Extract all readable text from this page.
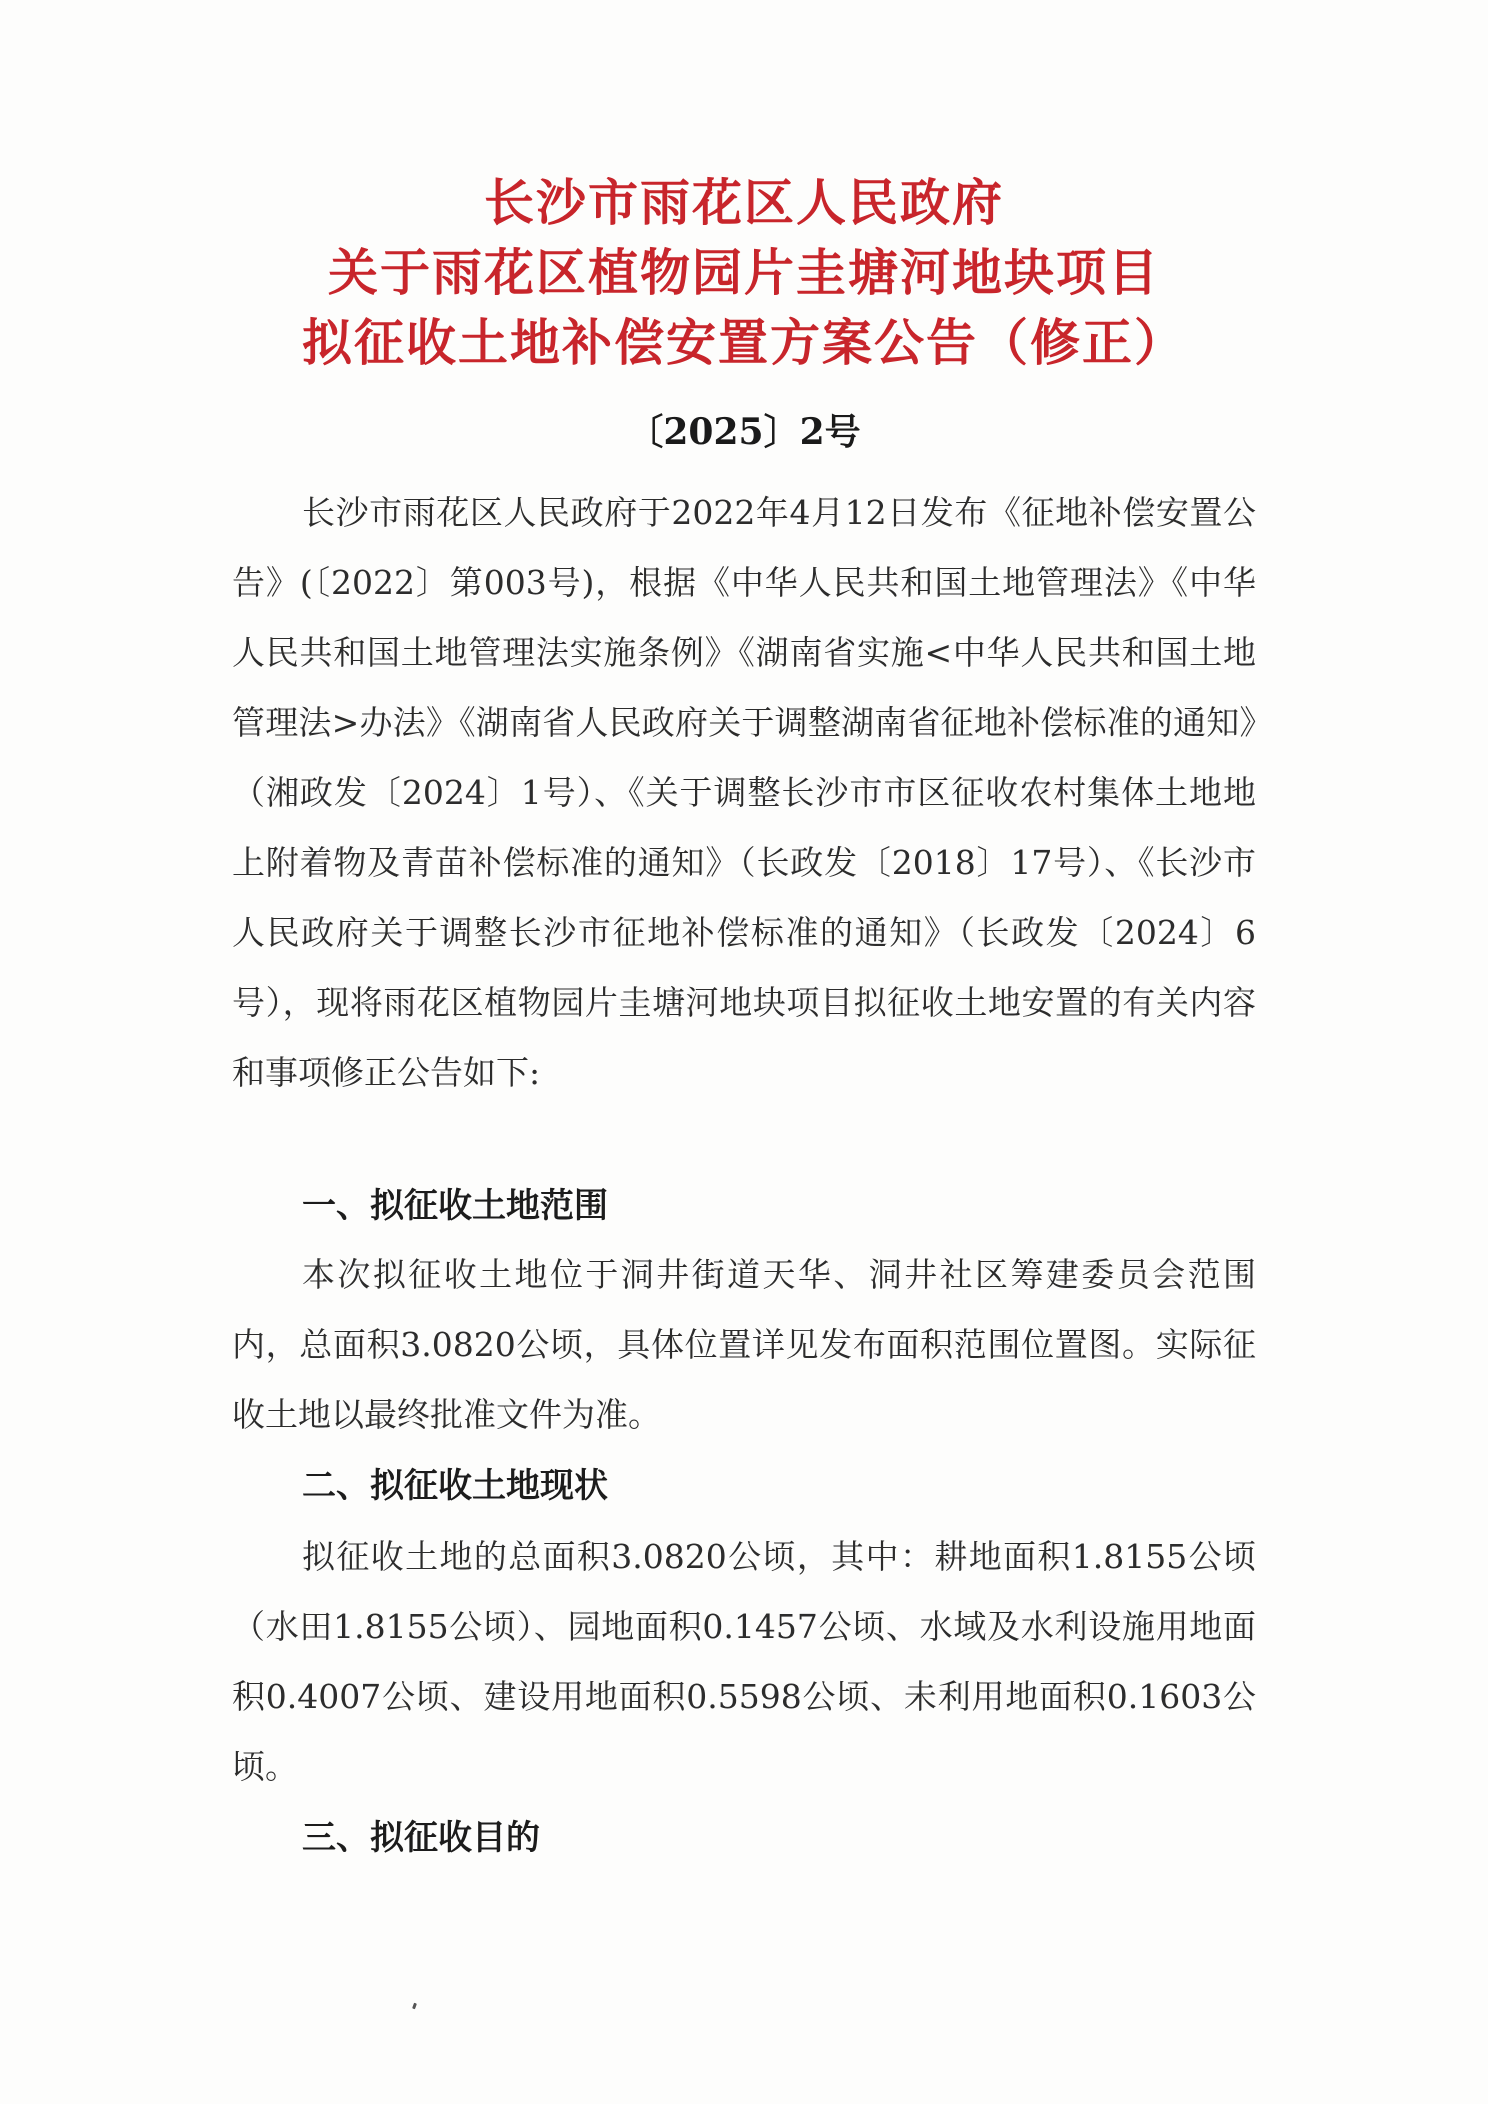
长沙市雨花区人民政府
关于雨花区植物园片圭塘河地块项目
拟征收土地补偿安置方案公告（修正）
〔2025〕2号

长沙市雨花区人民政府于2022年4月12日发布《征地补偿安置公告》(〔2022〕第003号)，根据《中华人民共和国土地管理法》《中华人民共和国土地管理法实施条例》《湖南省实施<中华人民共和国土地管理法>办法》《湖南省人民政府关于调整湖南省征地补偿标准的通知》（湘政发〔2024〕1号）、《关于调整长沙市市区征收农村集体土地地上附着物及青苗补偿标准的通知》（长政发〔2018〕17号）、《长沙市人民政府关于调整长沙市征地补偿标准的通知》（长政发〔2024〕6号），现将雨花区植物园片圭塘河地块项目拟征收土地安置的有关内容和事项修正公告如下:

一、拟征收土地范围

本次拟征收土地位于洞井街道天华、洞井社区筹建委员会范围内，总面积3.0820公顷，具体位置详见发布面积范围位置图。实际征收土地以最终批准文件为准。

二、拟征收土地现状

拟征收土地的总面积3.0820公顷，其中：耕地面积1.8155公顷（水田1.8155公顷）、园地面积0.1457公顷、水域及水利设施用地面积0.4007公顷、建设用地面积0.5598公顷、未利用地面积0.1603公顷。

三、拟征收目的
